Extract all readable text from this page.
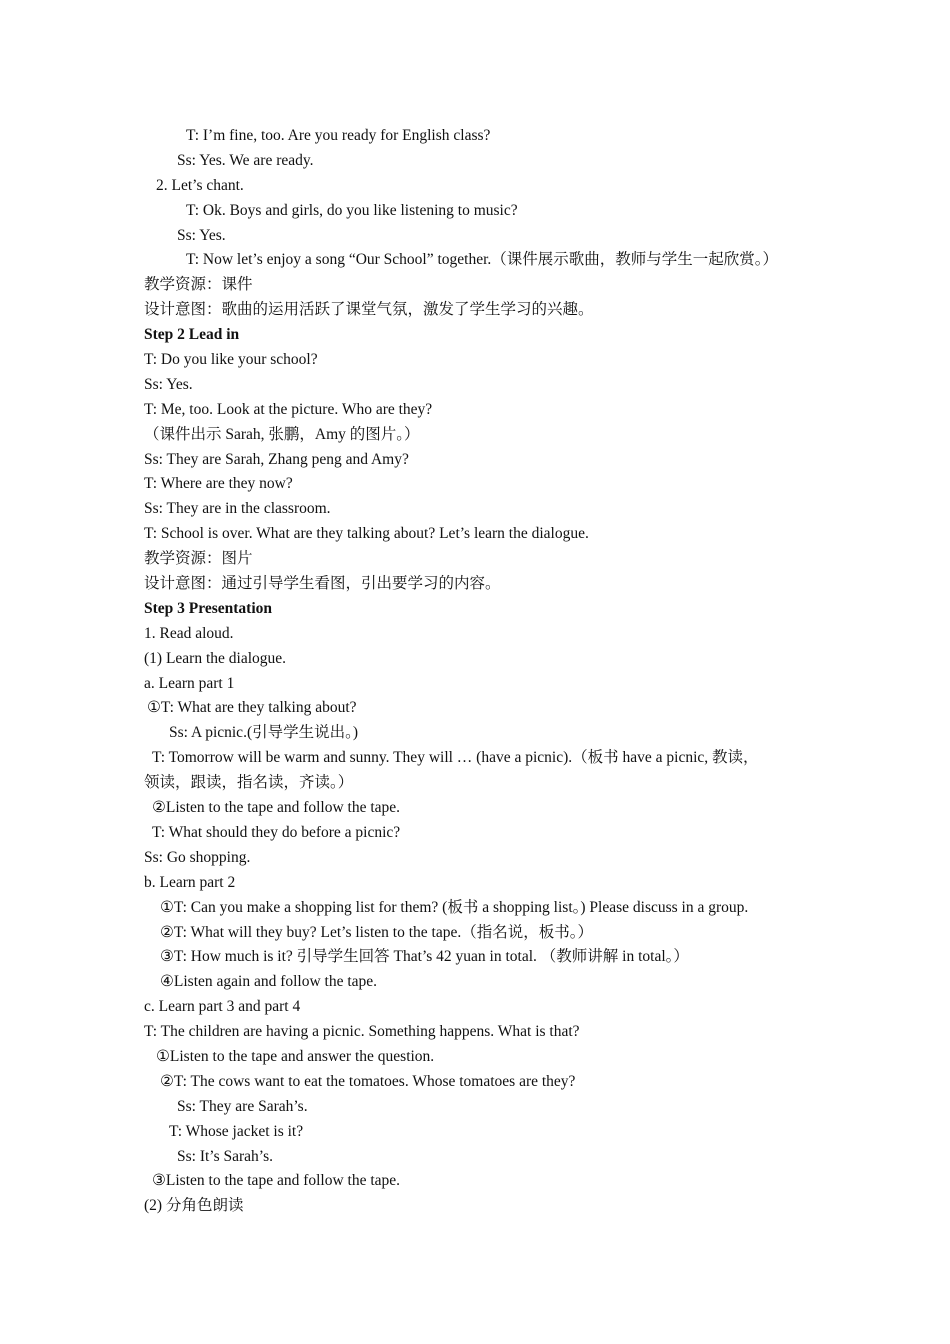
T: I’m fine, too. Are you ready for English class?
Ss: Yes. We are ready.
2. Let’s chant.
T: Ok. Boys and girls, do you like listening to music?
Ss: Yes.
T: Now let’s enjoy a song “Our School” together.（课件展示歌曲，教师与学生一起欣赏。）
教学资源：课件
设计意图：歌曲的运用活跃了课堂气氛，激发了学生学习的兴趣。
Step 2 Lead in
T: Do you like your school?
Ss: Yes.
T: Me, too. Look at the picture. Who are they?
（课件出示 Sarah, 张鹏，Amy 的图片。）
Ss: They are Sarah, Zhang peng and Amy?
T: Where are they now?
Ss: They are in the classroom.
T: School is over. What are they talking about? Let’s learn the dialogue.
教学资源：图片
设计意图：通过引导学生看图，引出要学习的内容。
Step 3 Presentation
1. Read aloud.
(1) Learn the dialogue.
a. Learn part 1
①T: What are they talking about?
Ss: A picnic.(引导学生说出。)
T: Tomorrow will be warm and sunny. They will … (have a picnic).（板书 have a picnic, 教读，
领读，跟读，指名读，齐读。）
②Listen to the tape and follow the tape.
T: What should they do before a picnic?
Ss: Go shopping.
b. Learn part 2
①T: Can you make a shopping list for them? (板书 a shopping list。) Please discuss in a group.
②T: What will they buy? Let’s listen to the tape.（指名说，板书。）
③T: How much is it? 引导学生回答 That’s 42 yuan in total. （教师讲解 in total。）
④Listen again and follow the tape.
c. Learn part 3 and part 4
T: The children are having a picnic. Something happens. What is that?
①Listen to the tape and answer the question.
②T: The cows want to eat the tomatoes. Whose tomatoes are they?
Ss: They are Sarah’s.
T: Whose jacket is it?
Ss: It’s Sarah’s.
③Listen to the tape and follow the tape.
(2) 分角色朗读
